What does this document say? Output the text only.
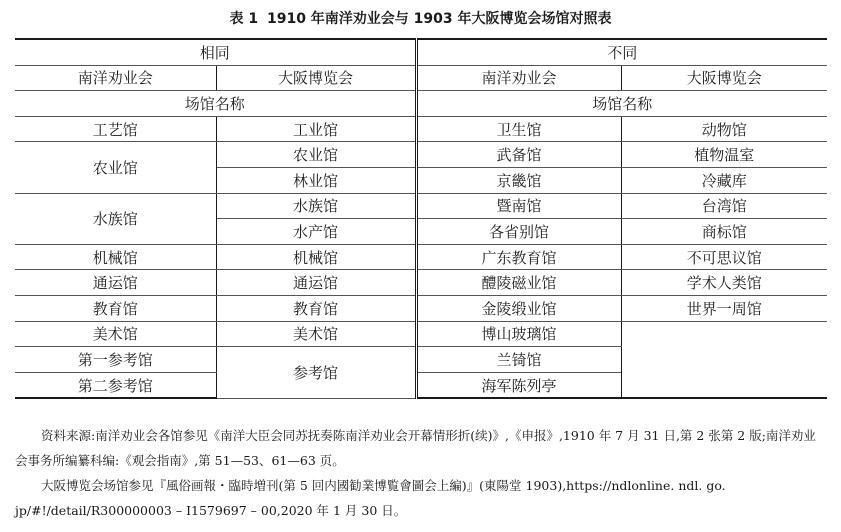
表 1 1910 年南洋劝业会与 1903 年大阪博览会场馆对照表
相同		不同	
南洋劝业会	大阪博览会	南洋劝业会	大阪博览会
场馆名称		场馆名称	
工艺馆	工业馆	卫生馆	动物馆
农业馆	农业馆	武备馆	植物温室
	林业馆	京畿馆	冷藏库
水族馆	水族馆	暨南馆	台湾馆
	水产馆	各省别馆	商标馆
机械馆	机械馆	广东教育馆	不可思议馆
通运馆	通运馆	醴陵磁业馆	学术人类馆
教育馆	教育馆	金陵缎业馆	世界一周馆
美术馆	美术馆	博山玻璃馆	
第一参考馆	参考馆	兰锜馆	
第二参考馆		海军陈列亭	

资料来源:南洋劝业会各馆参见《南洋大臣会同苏抚奏陈南洋劝业会开幕情形折(续)》,《申报》,1910 年 7 月 31 日,第 2 张第 2 版;南洋劝业会事务所编纂科编:《观会指南》,第 51—53、61—63 页。

大阪博览会场馆参见『風俗画報・臨時増刊(第 5 回内國勧業博覧會圖会上編)』(東陽堂 1903),https://ndlonline. ndl. go. jp/#!/detail/R300000003 – I1579697 – 00,2020 年 1 月 30 日。
